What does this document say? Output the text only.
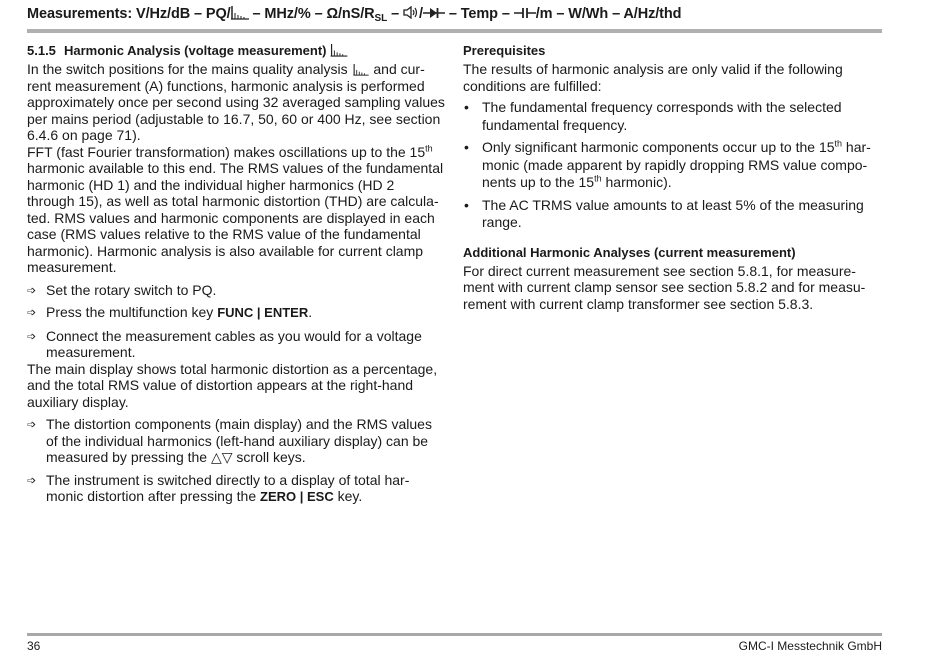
Measurements: $V/Hz/dB - PQ/ - MHz/\% - \Omega/nS/R_{SL}$ – / – Temp – /m – W/Wh – A/Hz/thd
5.1.5 Harmonic Analysis (voltage measurement)

In the switch positions for the mains quality analysis  and cur- rent measurement (A) functions, harmonic analysis is performed approximately once per second using 32 averaged sampling values per mains period (adjustable to 16.7, 50, 60 or 400 Hz, see section 6.4.6 on page 71).

FFT (fast Fourier transformation) makes oscillations up to the 15th harmonic available to this end. The RMS values of the fundamental harmonic (HD 1) and the individual higher harmonics (HD 2 through 15), as well as total harmonic distortion (THD) are calcula-ted. RMS values and harmonic components are displayed in each case (RMS values relative to the RMS value of the fundamental harmonic). Harmonic analysis is also available for current clamp measurement.

➩ Set the rotary switch to PQ.
➩ Press the multifunction key FUNC | ENTER.
➩ Connect the measurement cables as you would for a voltage measurement.

The main display shows total harmonic distortion as a percentage, and the total RMS value of distortion appears at the right-hand auxiliary display.

➩ The distortion components (main display) and the RMS values of the individual harmonics (left-hand auxiliary display) can be measured by pressing the △▽ scroll keys.
➩ The instrument is switched directly to a display of total har-monic distortion after pressing the ZERO | ESC key.
Prerequisites

The results of harmonic analysis are only valid if the following conditions are fulfilled:

• The fundamental frequency corresponds with the selected fundamental frequency.
• Only significant harmonic components occur up to the 15th har-monic (made apparent by rapidly dropping RMS value compo-nents up to the 15th harmonic).
• The AC TRMS value amounts to at least 5% of the measuring range.
Additional Harmonic Analyses (current measurement)

For direct current measurement see section 5.8.1, for measure-ment with current clamp sensor see section 5.8.2 and for measu-rement with current clamp transformer see section 5.8.3.

36	GMC-I Messtechnik GmbH
